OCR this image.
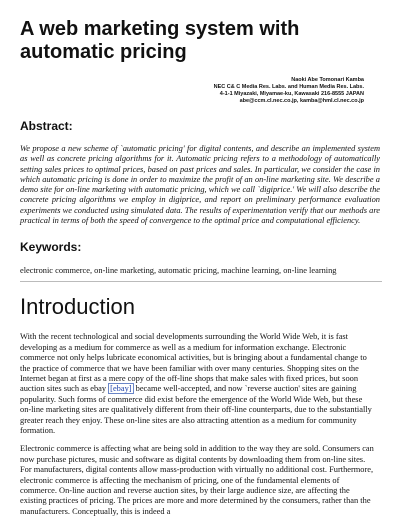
A web marketing system with automatic pricing
Naoki Abe Tomonari Kamba
NEC C& C Media Res. Labs. and Human Media Res. Labs.
4-1-1 Miyazaki, Miyamae-ku, Kawasaki 216-8555 JAPAN
abe@ccm.cl.nec.co.jp, kamba@hml.cl.nec.co.jp
Abstract:

We propose a new scheme of `automatic pricing' for digital contents, and describe an implemented system as well as concrete pricing algorithms for it. Automatic pricing refers to a methodology of automatically setting sales prices to optimal prices, based on past prices and sales. In particular, we consider the case in which automatic pricing is done in order to maximize the profit of an on-line marketing site. We describe a demo site for on-line marketing with automatic pricing, which we call `digiprice.' We will also describe the concrete pricing algorithms we employ in digiprice, and report on preliminary performance evaluation experiments we conducted using simulated data. The results of experimentation verify that our methods are practical in terms of both the speed of convergence to the optimal price and computational efficiency.

Keywords:
electronic commerce, on-line marketing, automatic pricing, machine learning, on-line learning
Introduction

With the recent technological and social developments surrounding the World Wide Web, it is fast developing as a medium for commerce as well as a medium for information exchange. Electronic commerce not only helps lubricate economical activities, but is bringing about a fundamental change to the practice of commerce that we have been familiar with over many centuries. Shopping sites on the Internet began at first as a mere copy of the off-line shops that make sales with fixed prices, but soon auction sites such as ebay [ebay] became well-accepted, and now `reverse auction' sites are gaining popularity. Such forms of commerce did exist before the emergence of the World Wide Web, but these on-line marketing sites are qualitatively different from their off-line counterparts, due to the substantially greater reach they enjoy. These on-line sites are also attracting attention as a medium for community formation.

Electronic commerce is affecting what are being sold in addition to the way they are sold. Consumers can now purchase pictures, music and software as digital contents by downloading them from on-line sites. For manufacturers, digital contents allow mass-production with virtually no additional cost. Furthermore, electronic commerce is affecting the mechanism of pricing, one of the fundamental elements of commerce. On-line auction and reverse auction sites, by their large audience size, are affecting the existing practices of pricing. The prices are more and more determined by the consumers, rather than the manufacturers. Conceptually, this is indeed a
